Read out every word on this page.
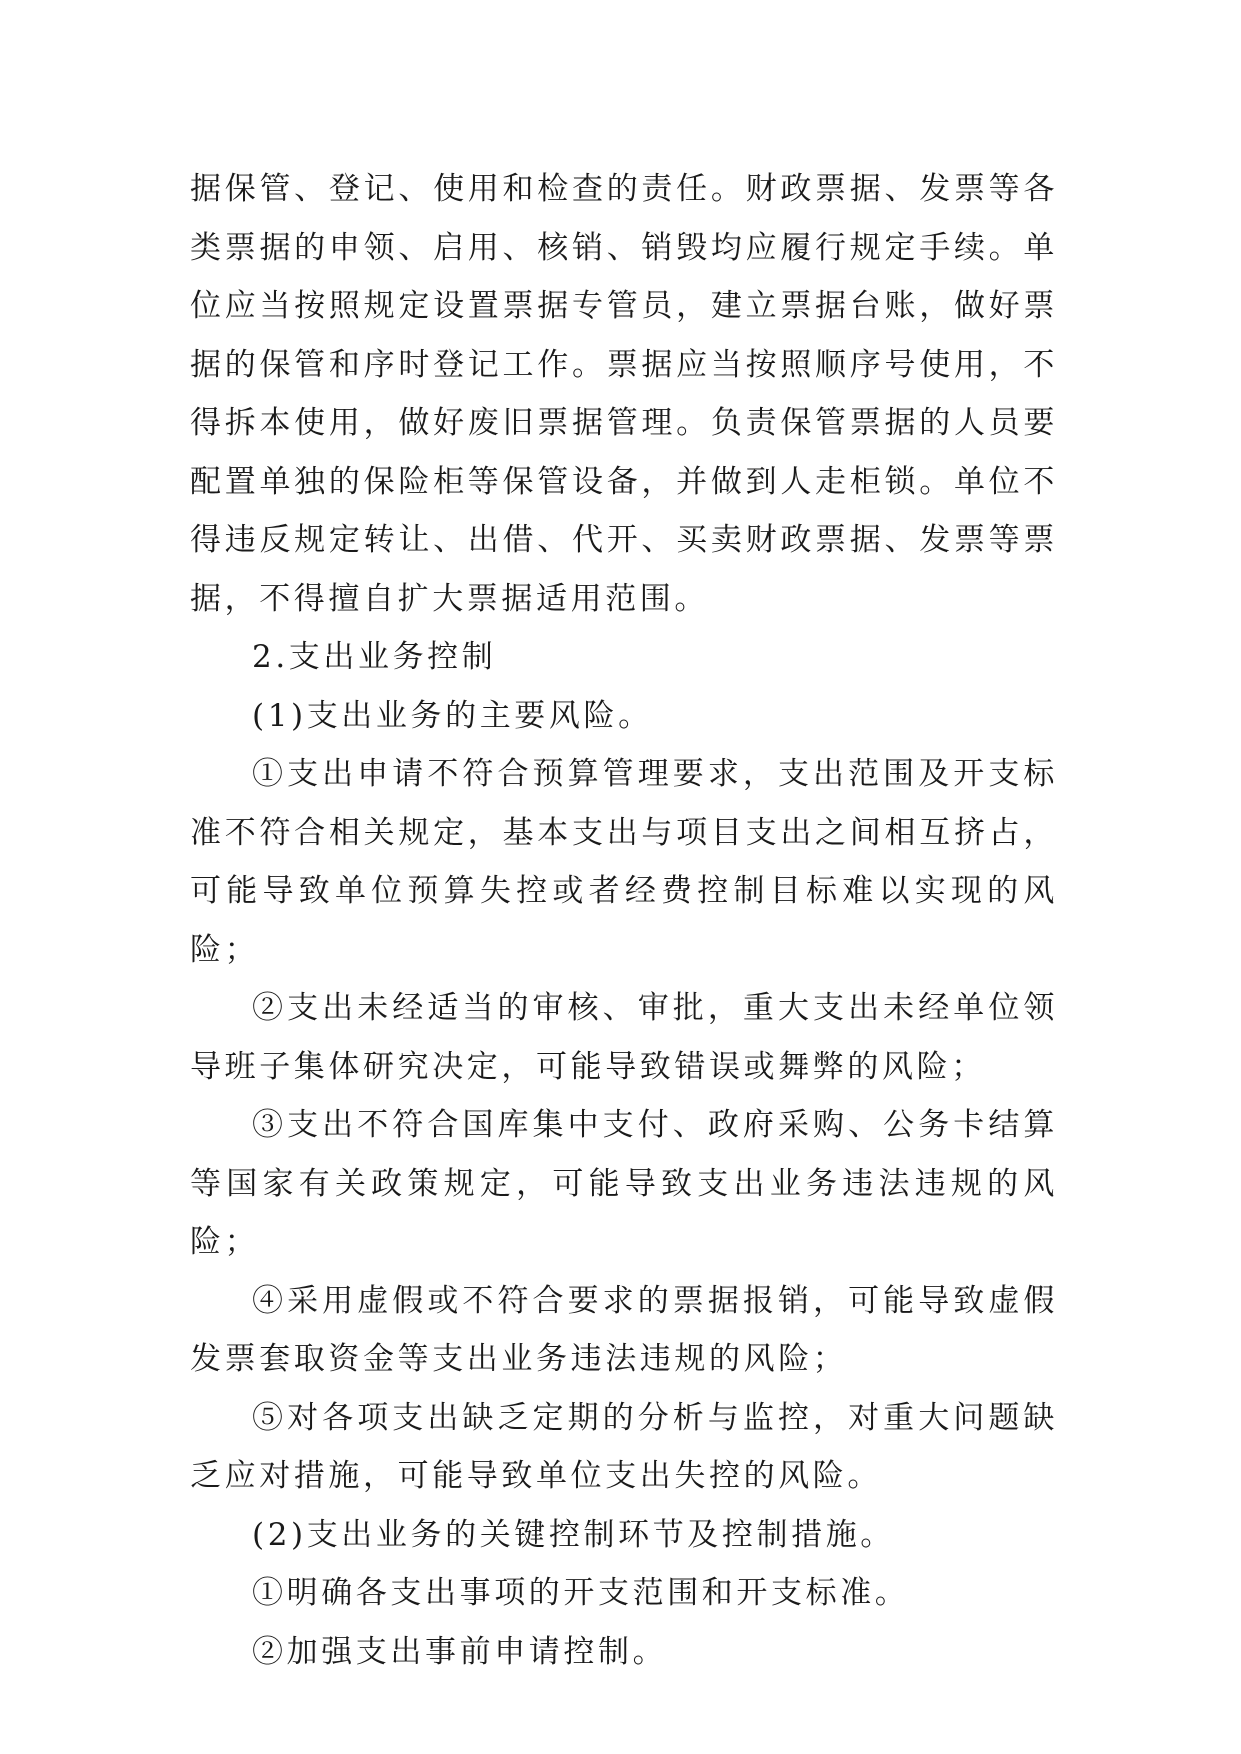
据保管、登记、使用和检查的责任。财政票据、发票等各类票据的申领、启用、核销、销毁均应履行规定手续。单位应当按照规定设置票据专管员，建立票据台账，做好票据的保管和序时登记工作。票据应当按照顺序号使用，不得拆本使用，做好废旧票据管理。负责保管票据的人员要配置单独的保险柜等保管设备，并做到人走柜锁。单位不得违反规定转让、出借、代开、买卖财政票据、发票等票据，不得擅自扩大票据适用范围。

2.支出业务控制

(1)支出业务的主要风险。

①支出申请不符合预算管理要求，支出范围及开支标准不符合相关规定，基本支出与项目支出之间相互挤占，可能导致单位预算失控或者经费控制目标难以实现的风险；

②支出未经适当的审核、审批，重大支出未经单位领导班子集体研究决定，可能导致错误或舞弊的风险；

③支出不符合国库集中支付、政府采购、公务卡结算等国家有关政策规定，可能导致支出业务违法违规的风险；

④采用虚假或不符合要求的票据报销，可能导致虚假发票套取资金等支出业务违法违规的风险；

⑤对各项支出缺乏定期的分析与监控，对重大问题缺乏应对措施，可能导致单位支出失控的风险。

(2)支出业务的关键控制环节及控制措施。

①明确各支出事项的开支范围和开支标准。

②加强支出事前申请控制。
